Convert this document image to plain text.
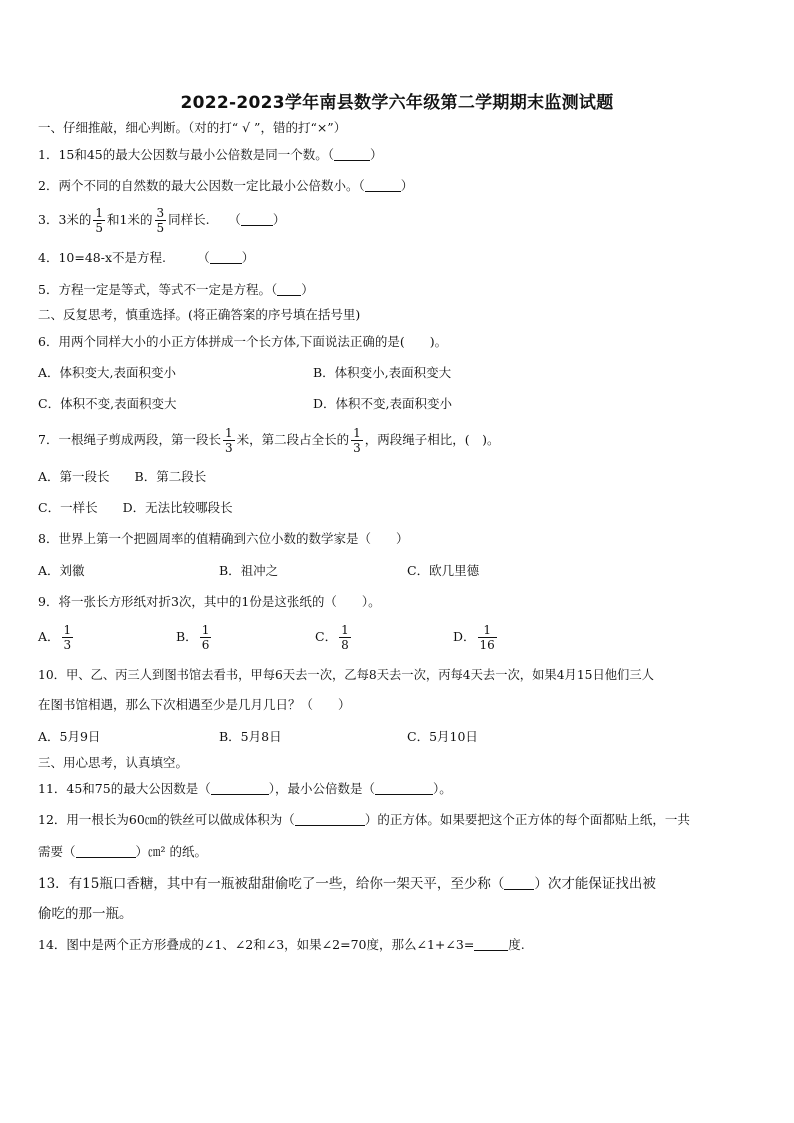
2022-2023学年南县数学六年级第二学期期末监测试题
一、仔细推敲，细心判断。（对的打“ √ ”，错的打“×”）
1．15和45的最大公因数与最小公倍数是同一个数。（	）
2．两个不同的自然数的最大公因数一定比最小公倍数小。（	）
3．3米的 $\frac{1}{5}$ 和1米的 $\frac{3}{5}$ 同样长.　　（	）
4．10=48-x不是方程.　　　（	）
5．方程一定是等式，等式不一定是方程。（ ）
二、反复思考，慎重选择。(将正确答案的序号填在括号里)
6．用两个同样大小的小正方体拼成一个长方体,下面说法正确的是(　　)。
A．体积变大,表面积变小	B．体积变小,表面积变大
C．体积不变,表面积变大	D．体积不变,表面积变小
7．一根绳子剪成两段，第一段长 $\frac{1}{3}$ 米，第二段占全长的 $\frac{1}{3}$ ，两段绳子相比，(　)。
A．第一段长　　B．第二段长
C．一样长　　D．无法比较哪段长
8．世界上第一个把圆周率的值精确到六位小数的数学家是（　　）
A．刘徽	B．祖冲之	C．欧几里德
9．将一张长方形纸对折3次，其中的1份是这张纸的（　　）。
A． $\frac{1}{3}$	B． $\frac{1}{6}$	C． $\frac{1}{8}$	D． $\frac{1}{16}$
10．甲、乙、丙三人到图书馆去看书，甲每6天去一次，乙每8天去一次，丙每4天去一次，如果4月15日他们三人
在图书馆相遇，那么下次相遇至少是几月几日？（　　）
A．5月9日	B．5月8日	C．5月10日
三、用心思考，认真填空。
11．45和75的最大公因数是（	），最小公倍数是（	）。
12．用一根长为60㎝的铁丝可以做成体积为（	）的正方体。如果要把这个正方体的每个面都贴上纸，一共
需要（	）㎝² 的纸。
13．有15瓶口香糖，其中有一瓶被甜甜偷吃了一些，给你一架天平，至少称（ ）次才能保证找出被
偷吃的那一瓶。
14．图中是两个正方形叠成的∠1、∠2和∠3，如果∠2=70度，那么∠1+∠3=	度.
